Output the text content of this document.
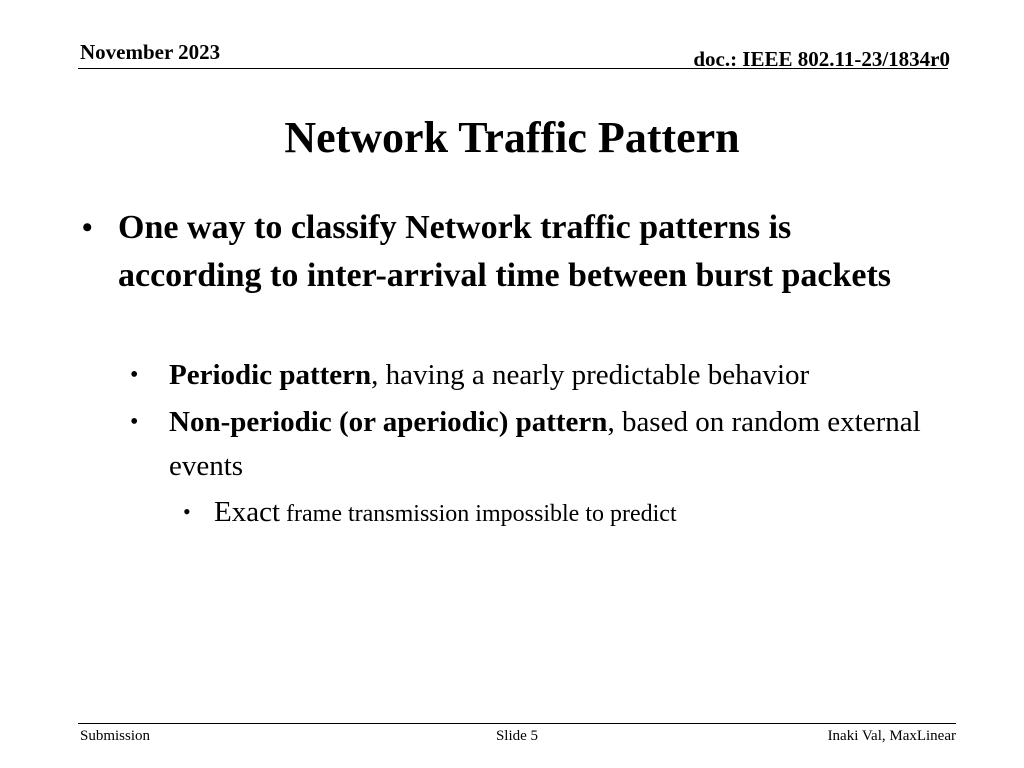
November 2023	doc.: IEEE 802.11-23/1834r0
Network Traffic Pattern
• One way to classify Network traffic patterns is according to inter-arrival time between burst packets
• Periodic pattern, having a nearly predictable behavior
• Non-periodic (or aperiodic) pattern, based on random external events
• Exact frame transmission impossible to predict
Submission	Slide 5	Inaki Val, MaxLinear
